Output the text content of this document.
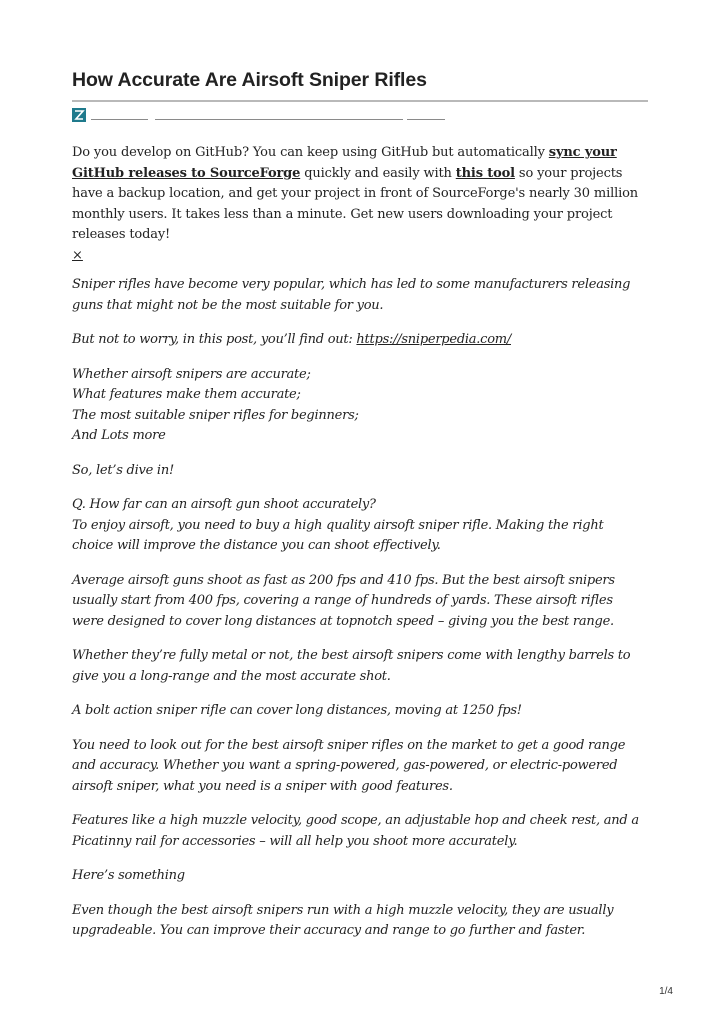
How Accurate Are Airsoft Sniper Rifles

Do you develop on GitHub? You can keep using GitHub but automatically sync your GitHub releases to SourceForge quickly and easily with this tool so your projects have a backup location, and get your project in front of SourceForge's nearly 30 million monthly users. It takes less than a minute. Get new users downloading your project releases today!

×

Sniper rifles have become very popular, which has led to some manufacturers releasing guns that might not be the most suitable for you.

But not to worry, in this post, you’ll find out: https://sniperpedia.com/

Whether airsoft snipers are accurate;

What features make them accurate;

The most suitable sniper rifles for beginners;

And Lots more

So, let’s dive in!

Q. How far can an airsoft gun shoot accurately?

To enjoy airsoft, you need to buy a high quality airsoft sniper rifle. Making the right choice will improve the distance you can shoot effectively.

Average airsoft guns shoot as fast as 200 fps and 410 fps. But the best airsoft snipers usually start from 400 fps, covering a range of hundreds of yards. These airsoft rifles were designed to cover long distances at topnotch speed – giving you the best range.

Whether they’re fully metal or not, the best airsoft snipers come with lengthy barrels to give you a long-range and the most accurate shot.

A bolt action sniper rifle can cover long distances, moving at 1250 fps!

You need to look out for the best airsoft sniper rifles on the market to get a good range and accuracy. Whether you want a spring-powered, gas-powered, or electric-powered airsoft sniper, what you need is a sniper with good features.

Features like a high muzzle velocity, good scope, an adjustable hop and cheek rest, and a Picatinny rail for accessories – will all help you shoot more accurately.

Here’s something

Even though the best airsoft snipers run with a high muzzle velocity, they are usually upgradeable. You can improve their accuracy and range to go further and faster.

1/4
